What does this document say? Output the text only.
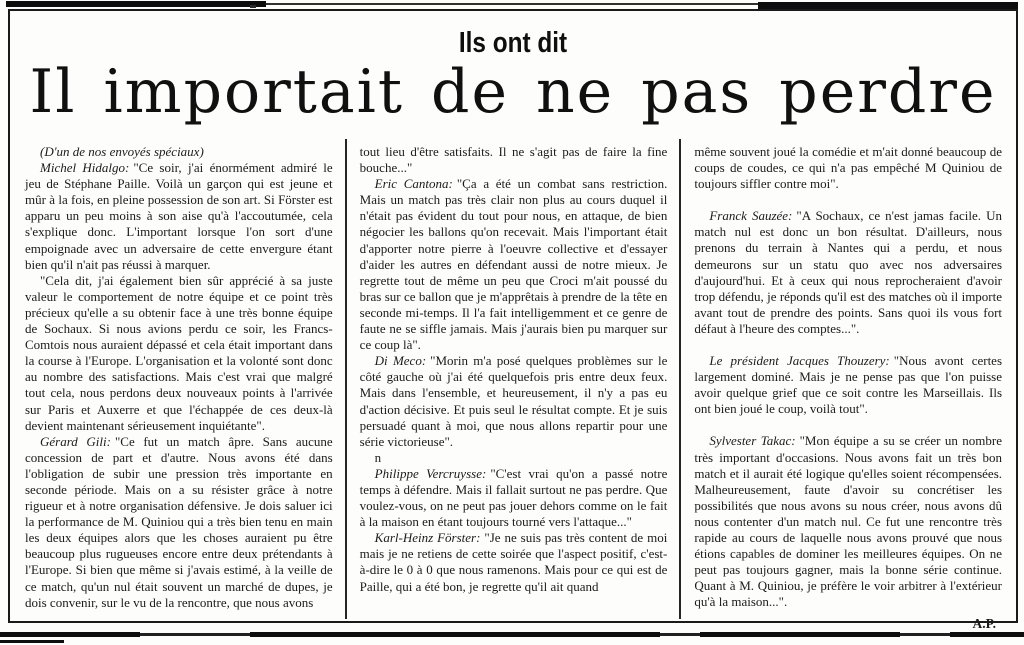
Ils ont dit
Il importait de ne pas perdre

(D'un de nos envoyés spéciaux)

Michel Hidalgo: "Ce soir, j'ai énormément admiré le jeu de Stéphane Paille. Voilà un garçon qui est jeune et mûr à la fois, en pleine possession de son art. Si Förster est apparu un peu moins à son aise qu'à l'accoutumée, cela s'explique donc. L'important lorsque l'on sort d'une empoignade avec un adversaire de cette envergure étant bien qu'il n'ait pas réussi à marquer.

"Cela dit, j'ai également bien sûr apprécié à sa juste valeur le comportement de notre équipe et ce point très précieux qu'elle a su obtenir face à une très bonne équipe de Sochaux. Si nous avions perdu ce soir, les Francs-Comtois nous auraient dépassé et cela était important dans la course à l'Europe. L'organisation et la volonté sont donc au nombre des satisfactions. Mais c'est vrai que malgré tout cela, nous perdons deux nouveaux points à l'arrivée sur Paris et Auxerre et que l'échappée de ces deux-là devient maintenant sérieusement inquiétante".

Gérard Gili: "Ce fut un match âpre. Sans aucune concession de part et d'autre. Nous avons été dans l'obligation de subir une pression très importante en seconde période. Mais on a su résister grâce à notre rigueur et à notre organisation défensive. Je dois saluer ici la performance de M. Quiniou qui a très bien tenu en main les deux équipes alors que les choses auraient pu être beaucoup plus rugueuses encore entre deux prétendants à l'Europe. Si bien que même si j'avais estimé, à la veille de ce match, qu'un nul était souvent un marché de dupes, je dois convenir, sur le vu de la rencontre, que nous avons

tout lieu d'être satisfaits. Il ne s'agit pas de faire la fine bouche..."

Eric Cantona: "Ça a été un combat sans restriction. Mais un match pas très clair non plus au cours duquel il n'était pas évident du tout pour nous, en attaque, de bien négocier les ballons qu'on recevait. Mais l'important était d'apporter notre pierre à l'oeuvre collective et d'essayer d'aider les autres en défendant aussi de notre mieux. Je regrette tout de même un peu que Croci m'ait poussé du bras sur ce ballon que je m'apprêtais à prendre de la tête en seconde mi-temps. Il l'a fait intelligemment et ce genre de faute ne se siffle jamais. Mais j'aurais bien pu marquer sur ce coup là".

Di Meco: "Morin m'a posé quelques problèmes sur le côté gauche où j'ai été quelquefois pris entre deux feux. Mais dans l'ensemble, et heureusement, il n'y a pas eu d'action décisive. Et puis seul le résultat compte. Et je suis persuadé quant à moi, que nous allons repartir pour une série victorieuse".

n

Philippe Vercruysse: "C'est vrai qu'on a passé notre temps à défendre. Mais il fallait surtout ne pas perdre. Que voulez-vous, on ne peut pas jouer dehors comme on le fait à la maison en étant toujours tourné vers l'attaque..."

Karl-Heinz Förster: "Je ne suis pas très content de moi mais je ne retiens de cette soirée que l'aspect positif, c'est-à-dire le 0 à 0 que nous ramenons. Mais pour ce qui est de Paille, qui a été bon, je regrette qu'il ait quand

même souvent joué la comédie et m'ait donné beaucoup de coups de coudes, ce qui n'a pas empêché M Quiniou de toujours siffler contre moi".

Franck Sauzée: "A Sochaux, ce n'est jamas facile. Un match nul est donc un bon résultat. D'ailleurs, nous prenons du terrain à Nantes qui a perdu, et nous demeurons sur un statu quo avec nos adversaires d'aujourd'hui. Et à ceux qui nous reprocheraient d'avoir trop défendu, je réponds qu'il est des matches où il importe avant tout de prendre des points. Sans quoi ils vous fort défaut à l'heure des comptes...".

Le président Jacques Thouzery: "Nous avont certes largement dominé. Mais je ne pense pas que l'on puisse avoir quelque grief que ce soit contre les Marseillais. Ils ont bien joué le coup, voilà tout".

Sylvester Takac: "Mon équipe a su se créer un nombre très important d'occasions. Nous avons fait un très bon match et il aurait été logique qu'elles soient récompensées. Malheureusement, faute d'avoir su concrétiser les possibilités que nous avons su nous créer, nous avons dû nous contenter d'un match nul. Ce fut une rencontre très rapide au cours de laquelle nous avons prouvé que nous étions capables de dominer les meilleures équipes. On ne peut pas toujours gagner, mais la bonne série continue. Quant à M. Quiniou, je préfère le voir arbitrer à l'extérieur qu'à la maison...".

A.P.
